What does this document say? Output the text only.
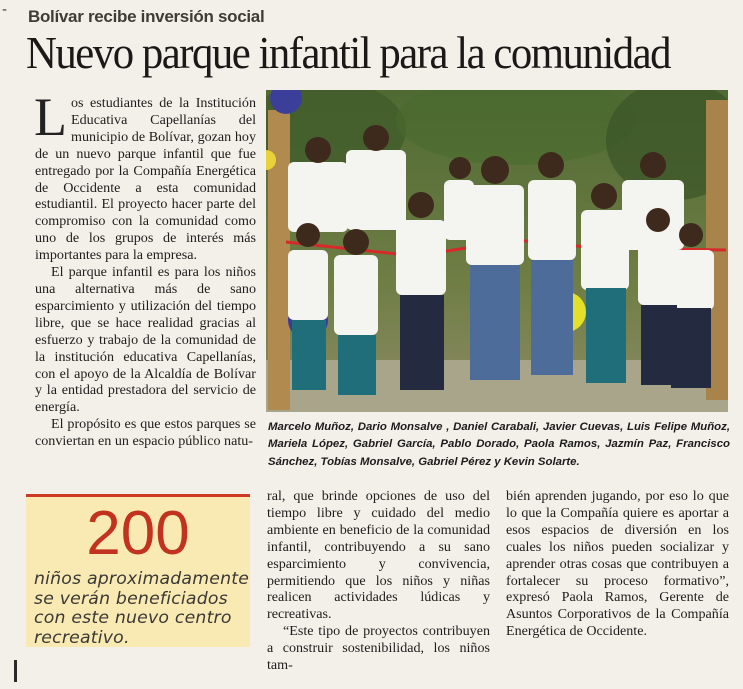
- Bolívar recibe inversión social
Nuevo parque infantil para la comunidad

Los estudiantes de la Institución Educativa Capellanías del municipio de Bolívar, gozan hoy de un nuevo parque infantil que fue entregado por la Compañía Energética de Occidente a esta comunidad estudiantil. El proyecto hacer parte del compromiso con la comunidad como uno de los grupos de interés más importantes para la empresa.

El parque infantil es para los niños una alternativa más de sano esparcimiento y utilización del tiempo libre, que se hace realidad gracias al esfuerzo y trabajo de la comunidad de la institución educativa Capellanías, con el apoyo de la Alcaldía de Bolívar y la entidad prestadora del servicio de energía.

El propósito es que estos parques se conviertan en un espacio público natu-

200
niños aproximadamente se verán beneficiados con este nuevo centro recreativo.
Marcelo Muñoz, Dario Monsalve , Daniel Carabali, Javier Cuevas, Luis Felipe Muñoz, Mariela López, Gabriel García, Pablo Dorado, Paola Ramos, Jazmín Paz, Francisco Sánchez, Tobías Monsalve, Gabriel Pérez y Kevin Solarte.

ral, que brinde opciones de uso del tiempo libre y cuidado del medio ambiente en beneficio de la comunidad infantil, contribuyendo a su sano esparcimiento y convivencia, permitiendo que los niños y niñas realicen actividades lúdicas y recreativas.

“Este tipo de proyectos contribuyen a construir sostenibilidad, los niños tam-

bién aprenden jugando, por eso lo que lo que la Compañía quiere es aportar a esos espacios de diversión en los cuales los niños pueden socializar y aprender otras cosas que contribuyen a fortalecer su proceso formativo”, expresó Paola Ramos, Gerente de Asuntos Corporativos de la Compañía Energética de Occidente.
